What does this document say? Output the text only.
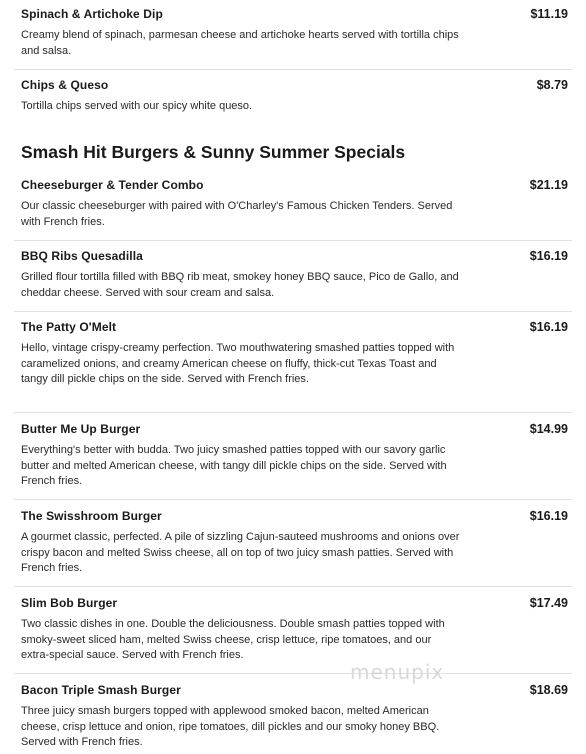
Spinach & Artichoke Dip	$11.19
Creamy blend of spinach, parmesan cheese and artichoke hearts served with tortilla chips and salsa.
Chips & Queso	$8.79
Tortilla chips served with our spicy white queso.
Smash Hit Burgers & Sunny Summer Specials
Cheeseburger & Tender Combo	$21.19
Our classic cheeseburger with paired with O'Charley's Famous Chicken Tenders. Served with French fries.
BBQ Ribs Quesadilla	$16.19
Grilled flour tortilla filled with BBQ rib meat, smokey honey BBQ sauce, Pico de Gallo, and cheddar cheese. Served with sour cream and salsa.
The Patty O'Melt	$16.19
Hello, vintage crispy-creamy perfection. Two mouthwatering smashed patties topped with caramelized onions, and creamy American cheese on fluffy, thick-cut Texas Toast and tangy dill pickle chips on the side. Served with French fries.
Butter Me Up Burger	$14.99
Everything's better with budda. Two juicy smashed patties topped with our savory garlic butter and melted American cheese, with tangy dill pickle chips on the side. Served with French fries.
The Swisshroom Burger	$16.19
A gourmet classic, perfected. A pile of sizzling Cajun-sauteed mushrooms and onions over crispy bacon and melted Swiss cheese, all on top of two juicy smash patties. Served with French fries.
Slim Bob Burger	$17.49
Two classic dishes in one. Double the deliciousness. Double smash patties topped with smoky-sweet sliced ham, melted Swiss cheese, crisp lettuce, ripe tomatoes, and our extra-special sauce. Served with French fries.
Bacon Triple Smash Burger	$18.69
Three juicy smash burgers topped with applewood smoked bacon, melted American cheese, crisp lettuce and onion, ripe tomatoes, dill pickles and our smoky honey BBQ. Served with French fries.
menupix
